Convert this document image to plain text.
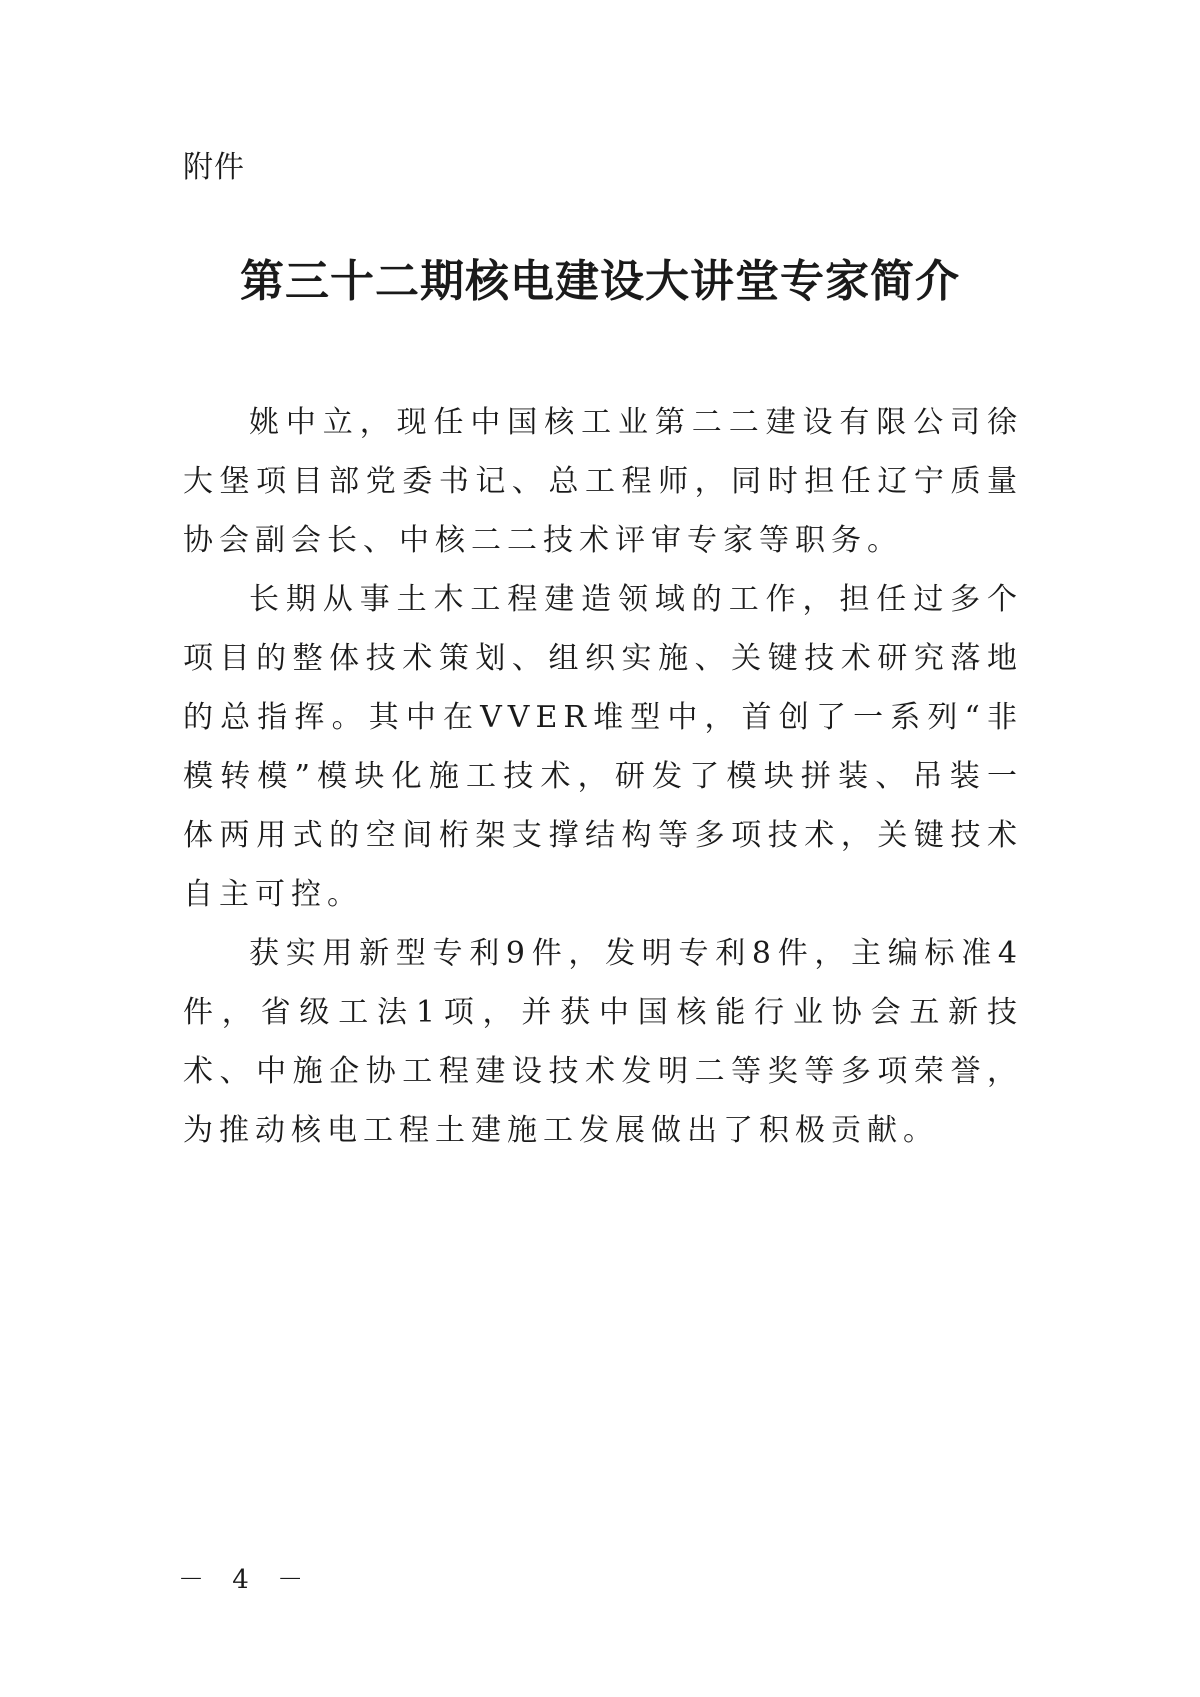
附件
第三十二期核电建设大讲堂专家简介

姚中立，现任中国核工业第二二建设有限公司徐大堡项目部党委书记、总工程师，同时担任辽宁质量协会副会长、中核二二技术评审专家等职务。

长期从事土木工程建造领域的工作，担任过多个项目的整体技术策划、组织实施、关键技术研究落地的总指挥。其中在VVER堆型中，首创了一系列“非模转模”模块化施工技术，研发了模块拼装、吊装一体两用式的空间桁架支撑结构等多项技术，关键技术自主可控。

获实用新型专利9件，发明专利8件，主编标准4件，省级工法1项，并获中国核能行业协会五新技术、中施企协工程建设技术发明二等奖等多项荣誉，为推动核电工程土建施工发展做出了积极贡献。

－ 4 －
